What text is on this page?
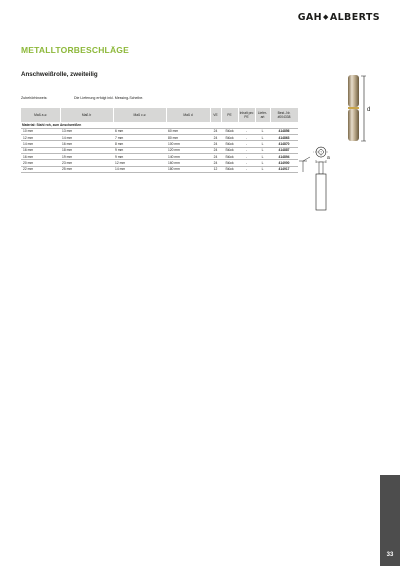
GAH◆ALBERTS
METALLTORBESCHLÄGE
Anschweißrolle, zweiteilig
Zubehörhinweis:	Die Lieferung erfolgt inkl. Messing-Scheibe.
Maß a ⌀	Maß b	Maß c ⌀	Maß d	VE	PE	Inhalt pro PE	Liefer-art	Best.-Nr. #004338
Material: Stahl roh, zum Anschweißen								
10 mm	13 mm	6 mm	60 mm	24	Stück	-	L	414856
12 mm	14 mm	7 mm	80 mm	24	Stück	-	L	414863
14 mm	16 mm	8 mm	100 mm	24	Stück	-	L	414870
16 mm	18 mm	9 mm	120 mm	24	Stück	-	L	414887
16 mm	19 mm	9 mm	140 mm	24	Stück	-	L	414894
20 mm	23 mm	12 mm	160 mm	24	Stück	-	L	414900
22 mm	25 mm	14 mm	180 mm	12	Stück	-	L	414917
d
a
33
